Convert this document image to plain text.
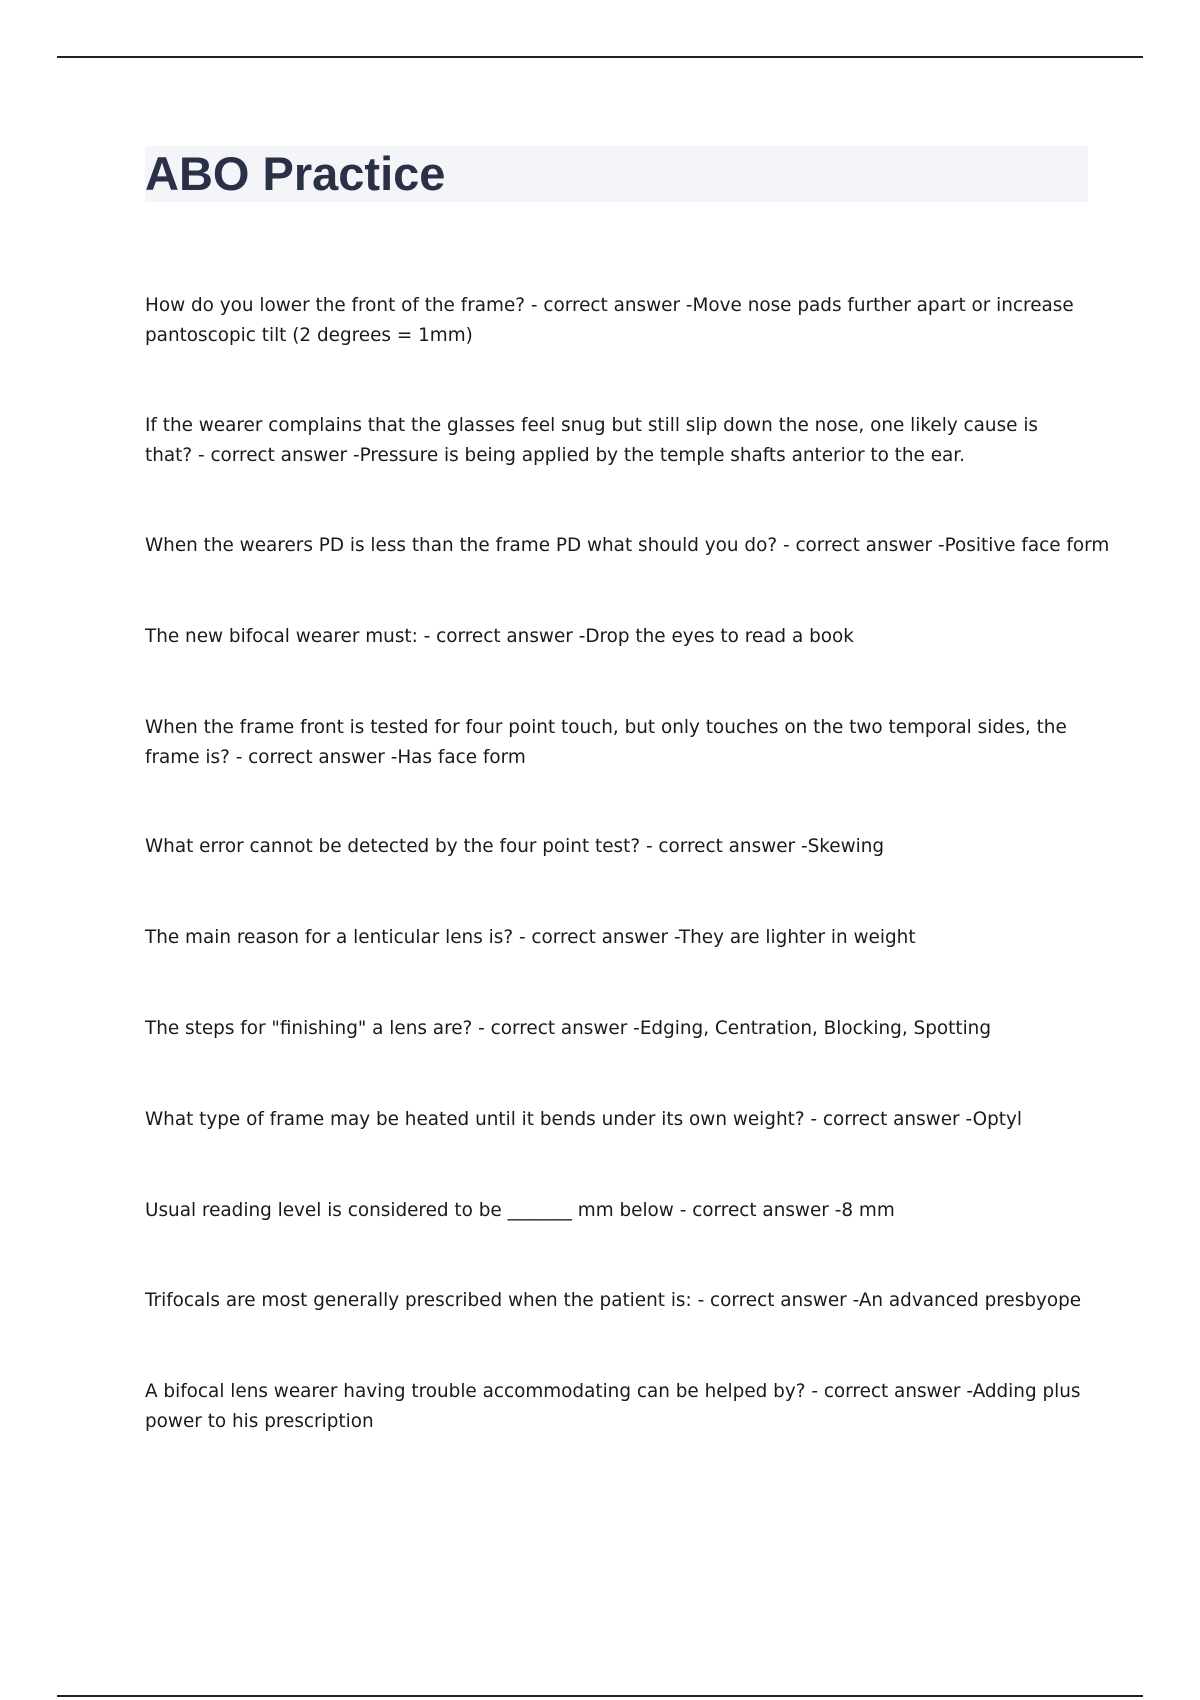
ABO Practice

How do you lower the front of the frame? - correct answer - Move nose pads further apart or increase pantoscopic tilt (2 degrees = 1mm)

If the wearer complains that the glasses feel snug but still slip down the nose, one likely cause is that? - correct answer - Pressure is being applied by the temple shafts anterior to the ear.

When the wearers PD is less than the frame PD what should you do? - correct answer - Positive face form

The new bifocal wearer must: - correct answer - Drop the eyes to read a book

When the frame front is tested for four point touch, but only touches on the two temporal sides, the frame is? - correct answer - Has face form

What error cannot be detected by the four point test? - correct answer - Skewing

The main reason for a lenticular lens is? - correct answer - They are lighter in weight

The steps for "finishing" a lens are? - correct answer - Edging, Centration, Blocking, Spotting

What type of frame may be heated until it bends under its own weight? - correct answer - Optyl

Usual reading level is considered to be _______ mm below - correct answer - 8 mm

Trifocals are most generally prescribed when the patient is: - correct answer - An advanced presbyope

A bifocal lens wearer having trouble accommodating can be helped by? - correct answer - Adding plus power to his prescription
